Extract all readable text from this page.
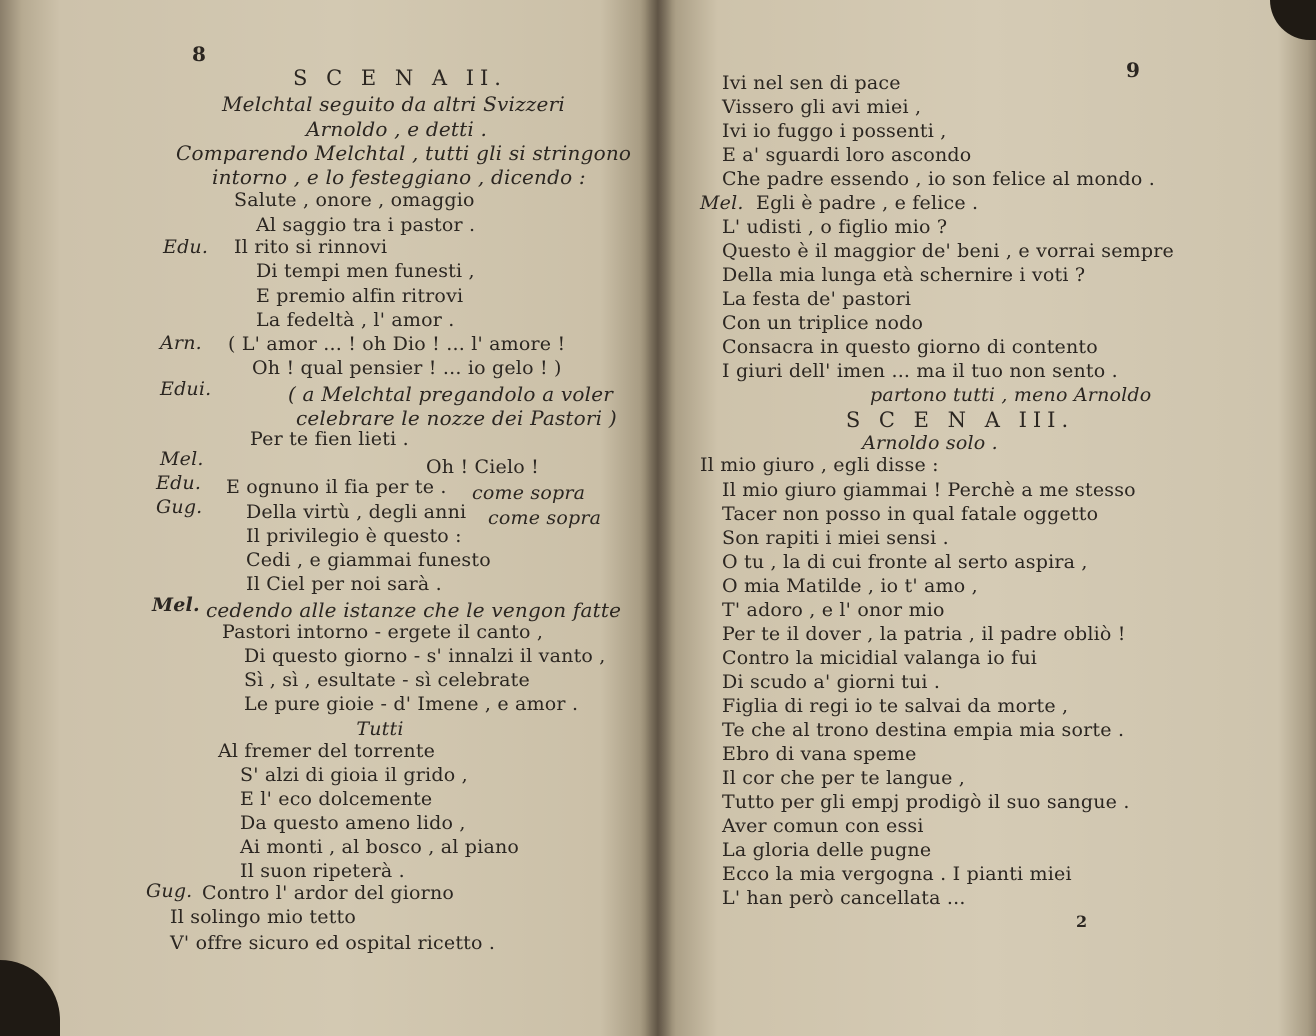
8
S C E N A II.
Melchtal seguito da altri Svizzeri
Arnoldo , e detti .
Comparendo Melchtal , tutti gli si stringono
intorno , e lo festeggiano , dicendo :
Salute , onore , omaggio
Al saggio tra i pastor .
Edu. Il rito si rinnovi
Di tempi men funesti ,
E premio alfin ritrovi
La fedeltà , l' amor .
Arn. ( L' amor ... ! oh Dio ! ... l' amore !
Oh ! qual pensier ! ... io gelo ! )
Edui.	( a Melchtal pregandolo a voler
celebrare le nozze dei Pastori )
Per te fien lieti .
Mel.	Oh ! Cielo !
Edu. E ognuno il fia per te . come sopra
Gug. Della virtù , degli anni come sopra
Il privilegio è questo :
Cedi , e giammai funesto
Il Ciel per noi sarà .
Mel. cedendo alle istanze che le vengon fatte
Pastori intorno - ergete il canto ,
Di questo giorno - s' innalzi il vanto ,
Sì , sì , esultate - sì celebrate
Le pure gioie - d' Imene , e amor .
Tutti
Al fremer del torrente
S' alzi di gioia il grido ,
E l' eco dolcemente
Da questo ameno lido ,
Ai monti , al bosco , al piano
Il suon ripeterà .
Gug. Contro l' ardor del giorno
Il solingo mio tetto
V' offre sicuro ed ospital ricetto .
9
Ivi nel sen di pace
Vissero gli avi miei ,
Ivi io fuggo i possenti ,
E a' sguardi loro ascondo
Che padre essendo , io son felice al mondo .
Mel. Egli è padre , e felice .
L' udisti , o figlio mio ?
Questo è il maggior de' beni , e vorrai sempre
Della mia lunga età schernire i voti ?
La festa de' pastori
Con un triplice nodo
Consacra in questo giorno di contento
I giuri dell' imen ... ma il tuo non sento .
partono tutti , meno Arnoldo
S C E N A III.
Arnoldo solo .
Il mio giuro , egli disse :
Il mio giuro giammai ! Perchè a me stesso
Tacer non posso in qual fatale oggetto
Son rapiti i miei sensi .
O tu , la di cui fronte al serto aspira ,
O mia Matilde , io t' amo ,
T' adoro , e l' onor mio
Per te il dover , la patria , il padre obliò !
Contro la micidial valanga io fui
Di scudo a' giorni tui .
Figlia di regi io te salvai da morte ,
Te che al trono destina empia mia sorte .
Ebro di vana speme
Il cor che per te langue ,
Tutto per gli empj prodigò il suo sangue .
Aver comun con essi
La gloria delle pugne
Ecco la mia vergogna . I pianti miei
L' han però cancellata ...
2
